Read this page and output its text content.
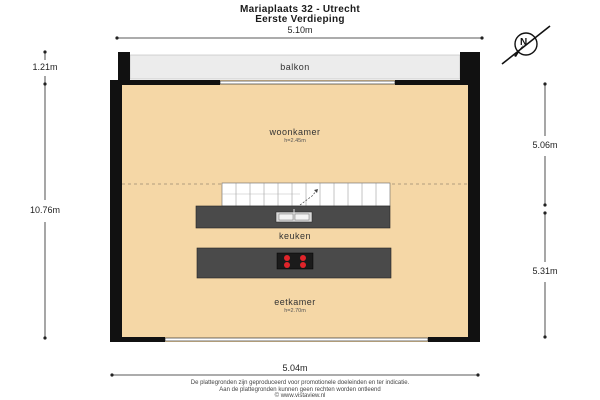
Mariaplaats 32 - Utrecht
Eerste Verdieping
5.10m
5.04m
1.21m
10.76m
5.06m
5.31m
balkon
woonkamer
h=2.45m
keuken
eetkamer
h=2.70m
N
De plattegronden zijn geproduceerd voor promotionele doeleinden en ter indicatie.
Aan de plattegronden kunnen geen rechten worden ontleend
© www.vistaview.nl
